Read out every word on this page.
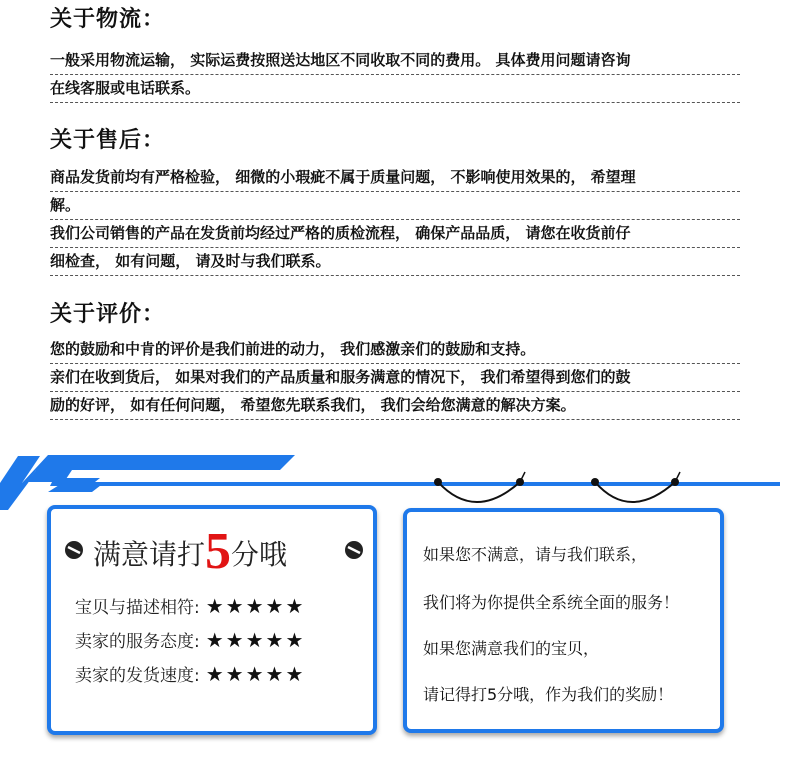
关于物流：

一般采用物流运输， 实际运费按照送达地区不同收取不同的费用。 具体费用问题请咨询

在线客服或电话联系。

关于售后：

商品发货前均有严格检验， 细微的小瑕疵不属于质量问题， 不影响使用效果的， 希望理

解。

我们公司销售的产品在发货前均经过严格的质检流程， 确保产品品质， 请您在收货前仔

细检查， 如有问题， 请及时与我们联系。

关于评价：

您的鼓励和中肯的评价是我们前进的动力， 我们感激亲们的鼓励和支持。

亲们在收到货后， 如果对我们的产品质量和服务满意的情况下， 我们希望得到您们的鼓

励的好评， 如有任何问题， 希望您先联系我们， 我们会给您满意的解决方案。

满意请打5分哦
宝贝与描述相符: ★★★★★
卖家的服务态度: ★★★★★
卖家的发货速度: ★★★★★
如果您不满意，请与我们联系，
我们将为你提供全系统全面的服务！
如果您满意我们的宝贝，
请记得打5分哦，作为我们的奖励！
